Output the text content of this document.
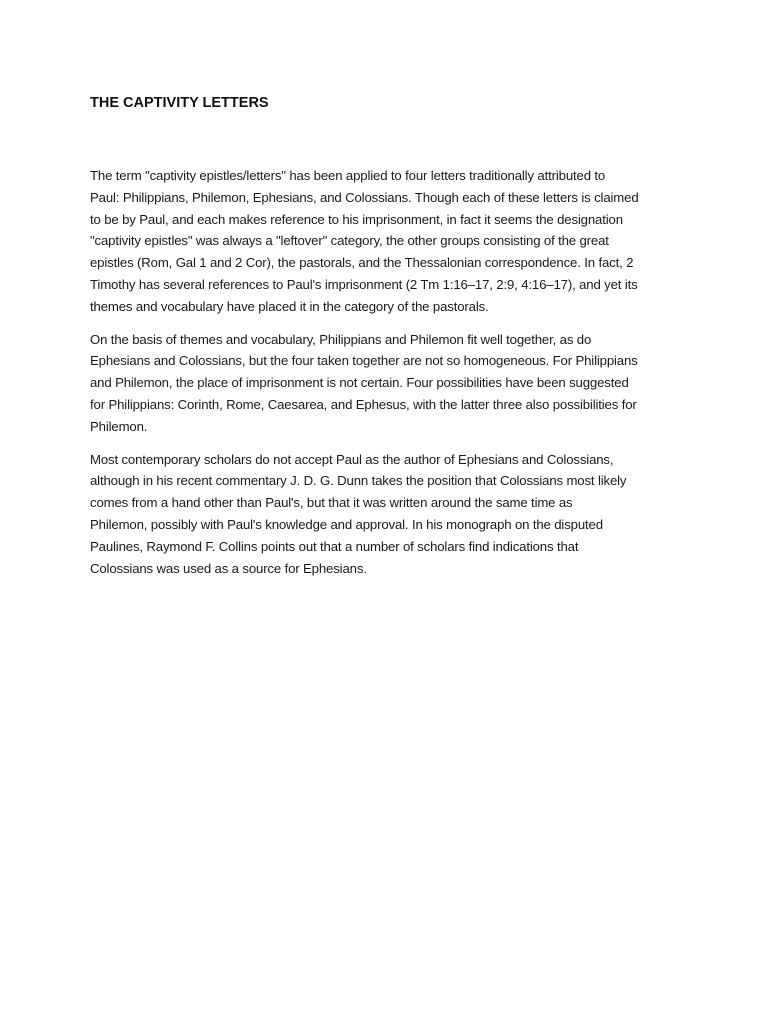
THE CAPTIVITY LETTERS

The term "captivity epistles/letters" has been applied to four letters traditionally attributed to
Paul: Philippians, Philemon, Ephesians, and Colossians. Though each of these letters is claimed
to be by Paul, and each makes reference to his imprisonment, in fact it seems the designation
"captivity epistles" was always a "leftover" category, the other groups consisting of the great
epistles (Rom, Gal 1 and 2 Cor), the pastorals, and the Thessalonian correspondence. In fact, 2
Timothy has several references to Paul's imprisonment (2 Tm 1:16–17, 2:9, 4:16–17), and yet its
themes and vocabulary have placed it in the category of the pastorals.

On the basis of themes and vocabulary, Philippians and Philemon fit well together, as do
Ephesians and Colossians, but the four taken together are not so homogeneous. For Philippians
and Philemon, the place of imprisonment is not certain. Four possibilities have been suggested
for Philippians: Corinth, Rome, Caesarea, and Ephesus, with the latter three also possibilities for
Philemon.

Most contemporary scholars do not accept Paul as the author of Ephesians and Colossians,
although in his recent commentary J. D. G. Dunn takes the position that Colossians most likely
comes from a hand other than Paul's, but that it was written around the same time as
Philemon, possibly with Paul's knowledge and approval. In his monograph on the disputed
Paulines, Raymond F. Collins points out that a number of scholars find indications that
Colossians was used as a source for Ephesians.
